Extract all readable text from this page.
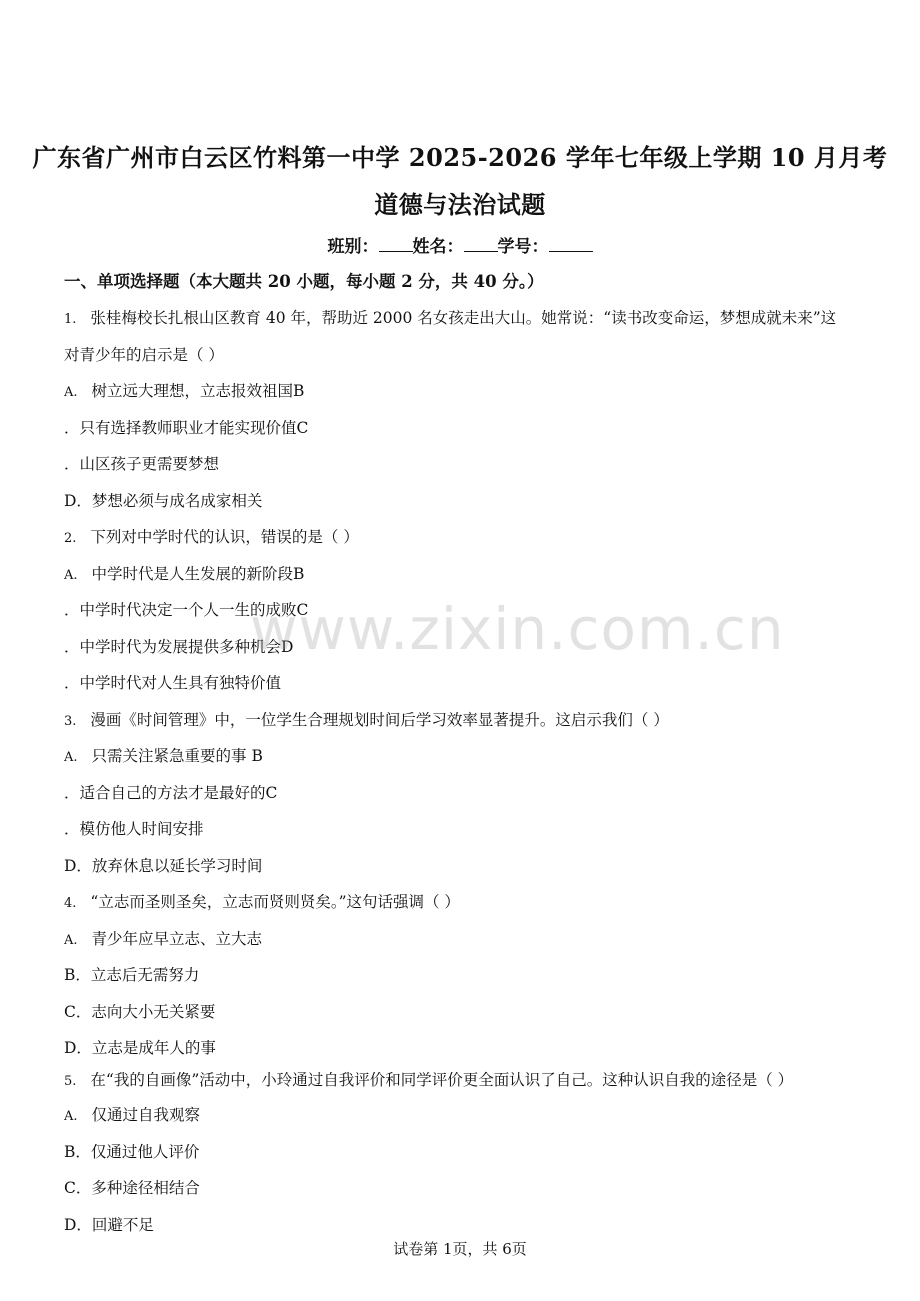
广东省广州市白云区竹料第一中学 2025-2026 学年七年级上学期 10 月月考
道德与法治试题
班别： 姓名： 学号：
一、单项选择题（本大题共 20 小题，每小题 2 分，共 40 分。）
1. 张桂梅校长扎根山区教育 40 年，帮助近 2000 名女孩走出大山。她常说：“读书改变命运，梦想成就未来”这
对青少年的启示是（ ）
A. 树立远大理想，立志报效祖国B
．只有选择教师职业才能实现价值C
．山区孩子更需要梦想
D．梦想必须与成名成家相关
2. 下列对中学时代的认识，错误的是（ ）
A. 中学时代是人生发展的新阶段B
．中学时代决定一个人一生的成败C
．中学时代为发展提供多种机会D
．中学时代对人生具有独特价值
3. 漫画《时间管理》中，一位学生合理规划时间后学习效率显著提升。这启示我们（ ）
A. 只需关注紧急重要的事 B
．适合自己的方法才是最好的C
．模仿他人时间安排
D．放弃休息以延长学习时间
4. “立志而圣则圣矣，立志而贤则贤矣。”这句话强调（ ）
A. 青少年应早立志、立大志
B．立志后无需努力
C．志向大小无关紧要
D．立志是成年人的事
5. 在“我的自画像”活动中，小玲通过自我评价和同学评价更全面认识了自己。这种认识自我的途径是（ ）
A. 仅通过自我观察
B．仅通过他人评价
C．多种途径相结合
D．回避不足
www.zixin.com.cn
试卷第 1页，共 6页
